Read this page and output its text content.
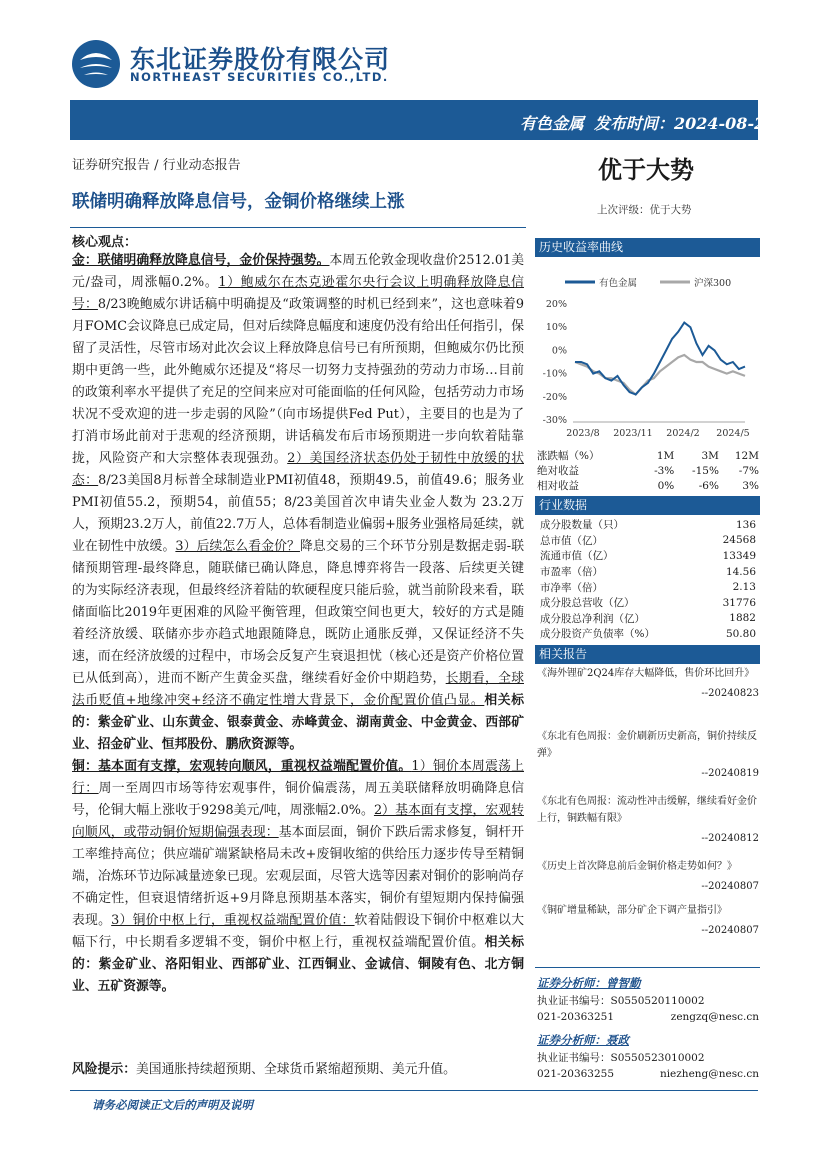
东北证券股份有限公司
NORTHEAST SECURITIES CO.,LTD.
有色金属 发布时间：2024-08-25
证券研究报告 / 行业动态报告	优于大势
联储明确释放降息信号，金铜价格继续上涨	上次评级：优于大势
核心观点：

金：联储明确释放降息信号，金价保持强势。本周五伦敦金现收盘价2512.01美元/盎司，周涨幅0.2%。1）鲍威尔在杰克逊霍尔央行会议上明确释放降息信号：8/23晚鲍威尔讲话稿中明确提及“政策调整的时机已经到来”，这也意味着9月FOMC会议降息已成定局，但对后续降息幅度和速度仍没有给出任何指引，保留了灵活性，尽管市场对此次会议上释放降息信号已有所预期，但鲍威尔仍比预期中更鸽一些，此外鲍威尔还提及“将尽一切努力支持强劲的劳动力市场…目前的政策利率水平提供了充足的空间来应对可能面临的任何风险，包括劳动力市场状况不受欢迎的进一步走弱的风险”（向市场提供Fed Put），主要目的也是为了打消市场此前对于悲观的经济预期，讲话稿发布后市场预期进一步向软着陆靠拢，风险资产和大宗整体表现强劲。2）美国经济状态仍处于韧性中放缓的状态：8/23美国8月标普全球制造业PMI初值48，预期49.5，前值49.6；服务业PMI初值55.2，预期54，前值55；8/23美国首次申请失业金人数为 23.2万人，预期23.2万人，前值22.7万人，总体看制造业偏弱+服务业强格局延续，就业在韧性中放缓。3）后续怎么看金价？降息交易的三个环节分别是数据走弱-联储预期管理-最终降息，随联储已确认降息，降息博弈将告一段落、后续更关键的为实际经济表现，但最终经济着陆的软硬程度只能后验，就当前阶段来看，联储面临比2019年更困难的风险平衡管理，但政策空间也更大，较好的方式是随着经济放缓、联储亦步亦趋式地跟随降息，既防止通胀反弹，又保证经济不失速，而在经济放缓的过程中，市场会反复产生衰退担忧（核心还是资产价格位置已从低到高），进而不断产生黄金买盘，继续看好金价中期趋势，长期看，全球法币贬值+地缘冲突+经济不确定性增大背景下，金价配置价值凸显。相关标的：紫金矿业、山东黄金、银泰黄金、赤峰黄金、湖南黄金、中金黄金、西部矿业、招金矿业、恒邦股份、鹏欣资源等。

铜：基本面有支撑，宏观转向顺风，重视权益端配置价值。1）铜价本周震荡上行：周一至周四市场等待宏观事件，铜价偏震荡，周五美联储释放明确降息信号，伦铜大幅上涨收于9298美元/吨，周涨幅2.0%。2）基本面有支撑，宏观转向顺风，或带动铜价短期偏强表现：基本面层面，铜价下跌后需求修复，铜杆开工率维持高位；供应端矿端紧缺格局未改+废铜收缩的供给压力逐步传导至精铜端，冶炼环节边际减量迹象已现。宏观层面，尽管大选等因素对铜价的影响尚存不确定性，但衰退情绪折返+9月降息预期基本落实，铜价有望短期内保持偏强表现。3）铜价中枢上行，重视权益端配置价值：软着陆假设下铜价中枢难以大幅下行，中长期看多逻辑不变，铜价中枢上行，重视权益端配置价值。相关标的：紫金矿业、洛阳钼业、西部矿业、江西铜业、金诚信、铜陵有色、北方铜业、五矿资源等。

风险提示：美国通胀持续超预期、全球货币紧缩超预期、美元升值。
历史收益率曲线
有色金属	沪深300
20%
10%
0%
-10%
-20%
-30%
2023/8 2023/11 2024/2 2024/5
涨跌幅（%）	1M	3M	12M
绝对收益	-3%	-15%	-7%
相对收益	0%	-6%	3%
行业数据
成分股数量（只）	136
总市值（亿）	24568
流通市值（亿）	13349
市盈率（倍）	14.56
市净率（倍）	2.13
成分股总营收（亿）	31776
成分股总净利润（亿）	1882
成分股资产负债率（%）	50.80
相关报告
《海外锂矿2Q24库存大幅降低，售价环比回升》
--20240823
《东北有色周报：金价刷新历史新高，铜价持续反弹》
--20240819
《东北有色周报：流动性冲击缓解，继续看好金价上行，铜跌幅有限》
--20240812
《历史上首次降息前后金铜价格走势如何？》
--20240807
《铜矿增量稀缺，部分矿企下调产量指引》
--20240807
证券分析师：曾智勤
执业证书编号：S0550520110002
021-20363251	zengzq@nesc.cn
证券分析师：聂政
执业证书编号：S0550523010002
021-20363255	niezheng@nesc.cn
请务必阅读正文后的声明及说明
